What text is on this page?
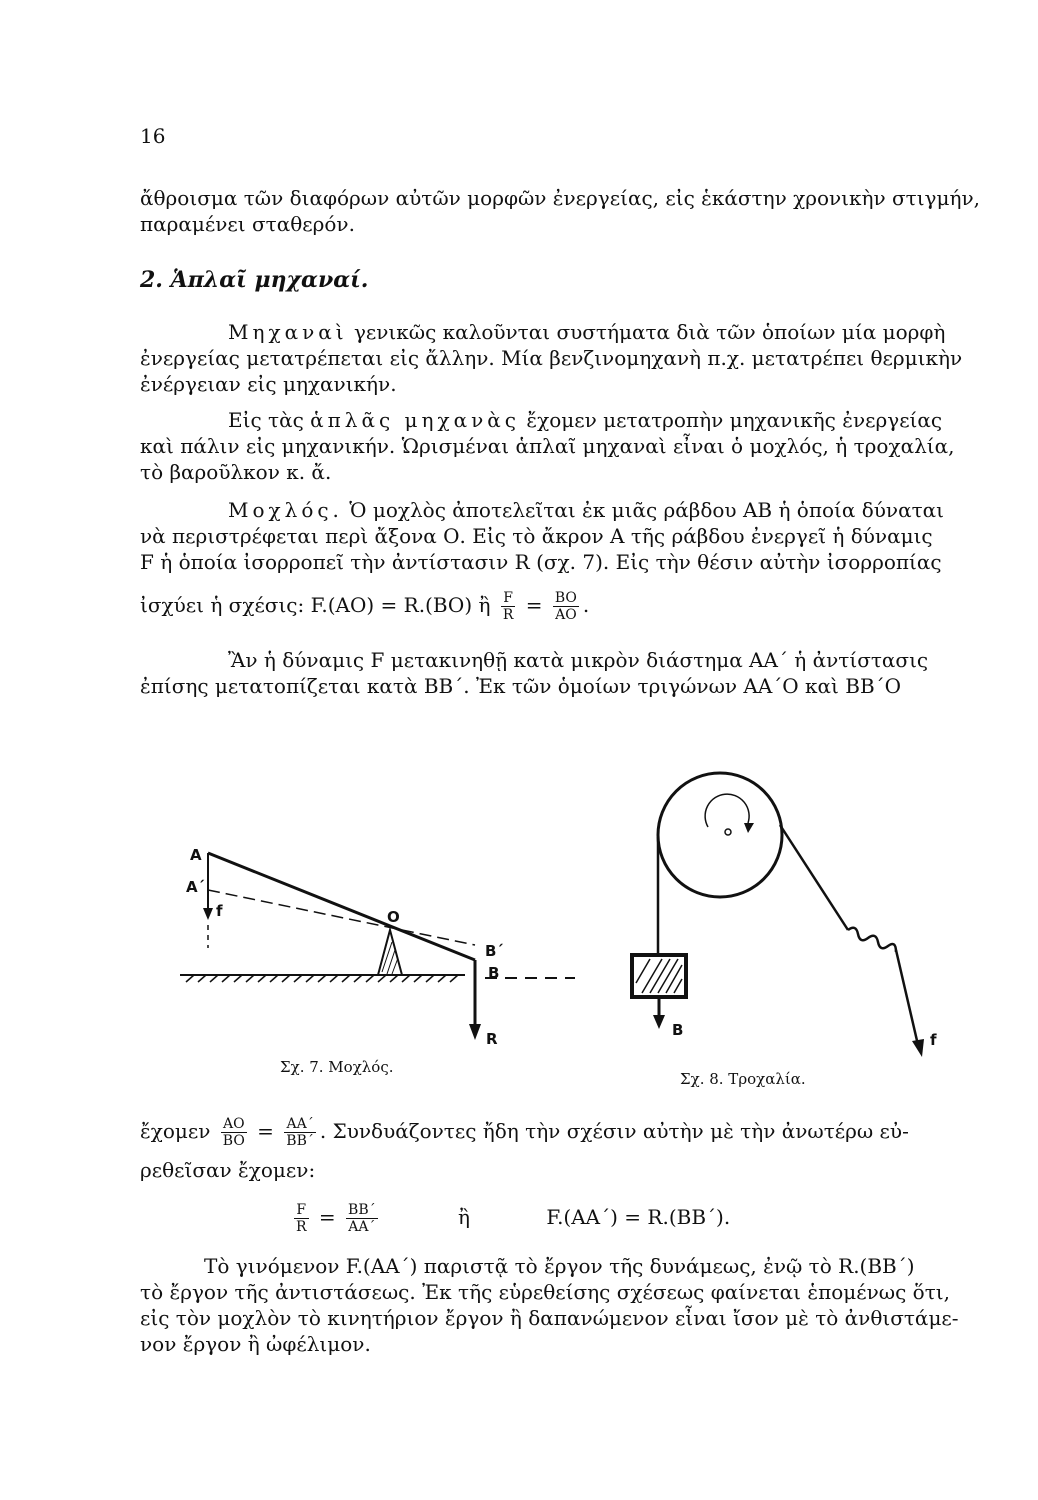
16
ἄθροισμα τῶν διαφόρων αὐτῶν μορφῶν ἐνεργείας, εἰς ἑκάστην χρονικὴν στιγμήν,
παραμένει σταθερόν.
2. Ἁπλαῖ μηχαναί.
Μηχαναὶ γενικῶς καλοῦνται συστήματα διὰ τῶν ὁποίων μία μορφὴ
ἐνεργείας μετατρέπεται εἰς ἄλλην. Μία βενζινομηχανὴ π.χ. μετατρέπει θερμικὴν
ἐνέργειαν εἰς μηχανικήν.
Εἰς τὰς ἁπλᾶς μηχανὰς ἔχομεν μετατροπὴν μηχανικῆς ἐνεργείας
καὶ πάλιν εἰς μηχανικήν. Ὡρισμέναι ἁπλαῖ μηχαναὶ εἶναι ὁ μοχλός, ἡ τροχαλία,
τὸ βαροῦλκον κ. ἄ.
Μοχλός. Ὁ μοχλὸς ἀποτελεῖται ἐκ μιᾶς ράβδου ΑΒ ἡ ὁποία δύναται
νὰ περιστρέφεται περὶ ἄξονα Ο. Εἰς τὸ ἄκρον Α τῆς ράβδου ἐνεργεῖ ἡ δύναμις
F ἡ ὁποία ἰσορροπεῖ τὴν ἀντίστασιν R (σχ. 7). Εἰς τὴν θέσιν αὐτὴν ἰσορροπίας
ἰσχύει ἡ σχέσις: F.(AO) = R.(BO) ἢ $\frac{F}{R} = \frac{BO}{AO}$ .
Ἂν ἡ δύναμις F μετακινηθῇ κατὰ μικρὸν διάστημα ΑΑ΄ ἡ ἀντίστασις
ἐπίσης μετατοπίζεται κατὰ ΒΒ΄. Ἐκ τῶν ὁμοίων τριγώνων ΑΑ΄Ο καὶ ΒΒ΄Ο
A
A΄
f	O
B΄
B
R
Σχ. 7. Μοχλός.
B
f
Σχ. 8. Τροχαλία.
ἔχομεν $\frac{AO}{BO} = \frac{AA΄}{BB΄}$ . Συνδυάζοντες ἤδη τὴν σχέσιν αὐτὴν μὲ τὴν ἀνωτέρω εὐ-
ρεθεῖσαν ἔχομεν:
$\frac{F}{R} = \frac{BB΄}{AA΄}$	ἢ	F.(AA΄) = R.(BB΄).
Τὸ γινόμενον F.(AA΄) παριστᾷ τὸ ἔργον τῆς δυνάμεως, ἐνῷ τὸ R.(BB΄)
τὸ ἔργον τῆς ἀντιστάσεως. Ἐκ τῆς εὑρεθείσης σχέσεως φαίνεται ἑπομένως ὅτι,
εἰς τὸν μοχλὸν τὸ κινητήριον ἔργον ἢ δαπανώμενον εἶναι ἴσον μὲ τὸ ἀνθιστάμε-
νον ἔργον ἢ ὠφέλιμον.
